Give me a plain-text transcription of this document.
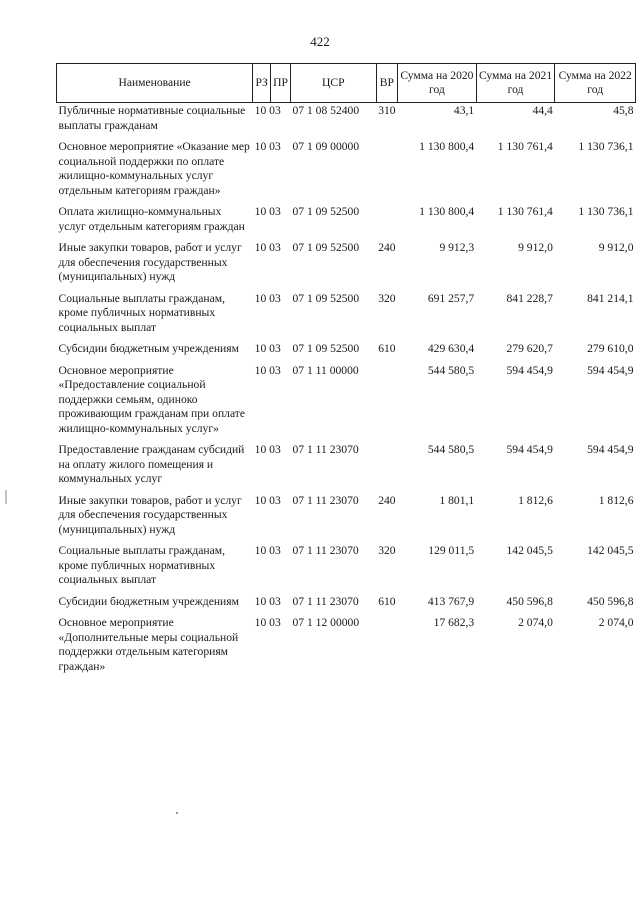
422
Наименование	РЗ	ПР	ЦСР	ВР	Сумма на 2020 год	Сумма на 2021 год	Сумма на 2022 год
Публичные нормативные социальные выплаты гражданам	10 03		07 1 08 52400	310	43,1	44,4	45,8
Основное мероприятие «Оказание мер социальной поддержки по оплате жилищно-коммунальных услуг отдельным категориям граждан»	10 03		07 1 09 00000		1 130 800,4	1 130 761,4	1 130 736,1
Оплата жилищно-коммунальных услуг отдельным категориям граждан	10 03		07 1 09 52500		1 130 800,4	1 130 761,4	1 130 736,1
Иные закупки товаров, работ и услуг для обеспечения государственных (муниципальных) нужд	10 03		07 1 09 52500	240	9 912,3	9 912,0	9 912,0
Социальные выплаты гражданам, кроме публичных нормативных социальных выплат	10 03		07 1 09 52500	320	691 257,7	841 228,7	841 214,1
Субсидии бюджетным учреждениям	10 03		07 1 09 52500	610	429 630,4	279 620,7	279 610,0
Основное мероприятие «Предоставление социальной поддержки семьям, одиноко проживающим гражданам при оплате жилищно-коммунальных услуг»	10 03		07 1 11 00000		544 580,5	594 454,9	594 454,9
Предоставление гражданам субсидий на оплату жилого помещения и коммунальных услуг	10 03		07 1 11 23070		544 580,5	594 454,9	594 454,9
Иные закупки товаров, работ и услуг для обеспечения государственных (муниципальных) нужд	10 03		07 1 11 23070	240	1 801,1	1 812,6	1 812,6
Социальные выплаты гражданам, кроме публичных нормативных социальных выплат	10 03		07 1 11 23070	320	129 011,5	142 045,5	142 045,5
Субсидии бюджетным учреждениям	10 03		07 1 11 23070	610	413 767,9	450 596,8	450 596,8
Основное мероприятие «Дополнительные меры социальной поддержки отдельным категориям граждан»	10 03		07 1 12 00000		17 682,3	2 074,0	2 074,0
